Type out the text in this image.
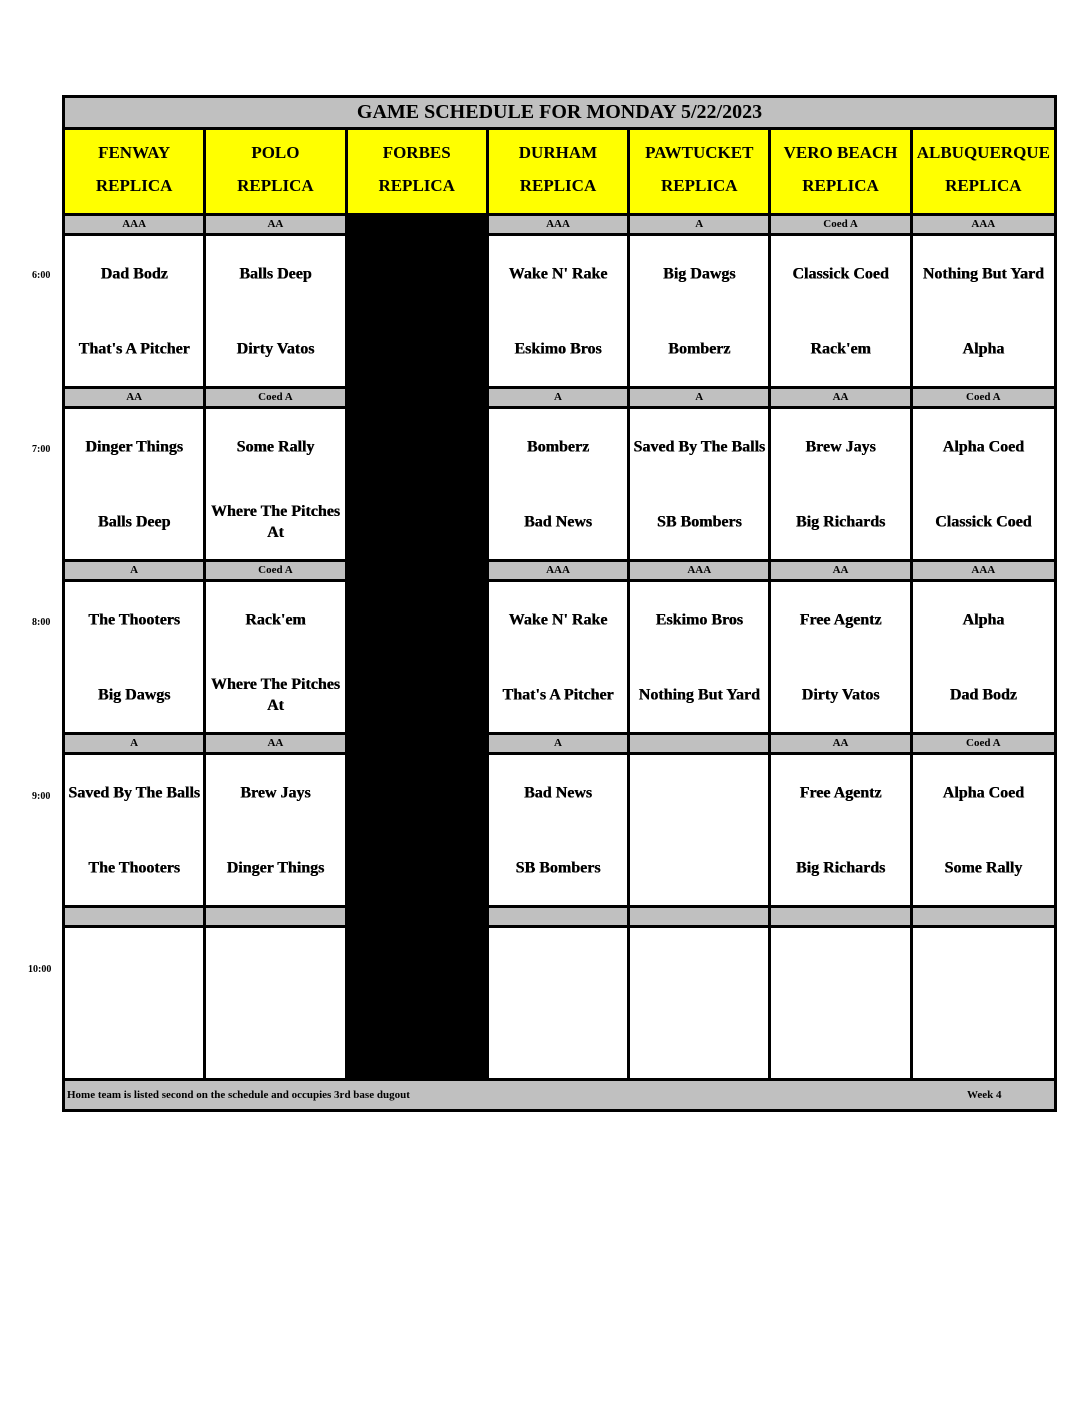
GAME SCHEDULE FOR MONDAY 5/22/2023
FENWAY
REPLICA
POLO
REPLICA
FORBES
REPLICA
DURHAM
REPLICA
PAWTUCKET
REPLICA
VERO BEACH
REPLICA
ALBUQUERQUE
REPLICA
AAA
Dad Bodz
That's A Pitcher
AA
Balls Deep
Dirty Vatos
AAA
Wake N' Rake
Eskimo Bros
A
Big Dawgs
Bomberz
Coed A
Classick Coed
Rack'em
AAA
Nothing But Yard
Alpha
AA
Dinger Things
Balls Deep
Coed A
Some Rally
Where The Pitches At
A
Bomberz
Bad News
A
Saved By The Balls
SB Bombers
AA
Brew Jays
Big Richards
Coed A
Alpha Coed
Classick Coed
A
The Thooters
Big Dawgs
Coed A
Rack'em
Where The Pitches At
AAA
Wake N' Rake
That's A Pitcher
AAA
Eskimo Bros
Nothing But Yard
AA
Free Agentz
Dirty Vatos
AAA
Alpha
Dad Bodz
A
Saved By The Balls
The Thooters
AA
Brew Jays
Dinger Things
A
Bad News
SB Bombers
AA
Free Agentz
Big Richards
Coed A
Alpha Coed
Some Rally
Home team is listed second on the schedule and occupies 3rd base dugout	Week 4
6:00
7:00
8:00
9:00
10:00
